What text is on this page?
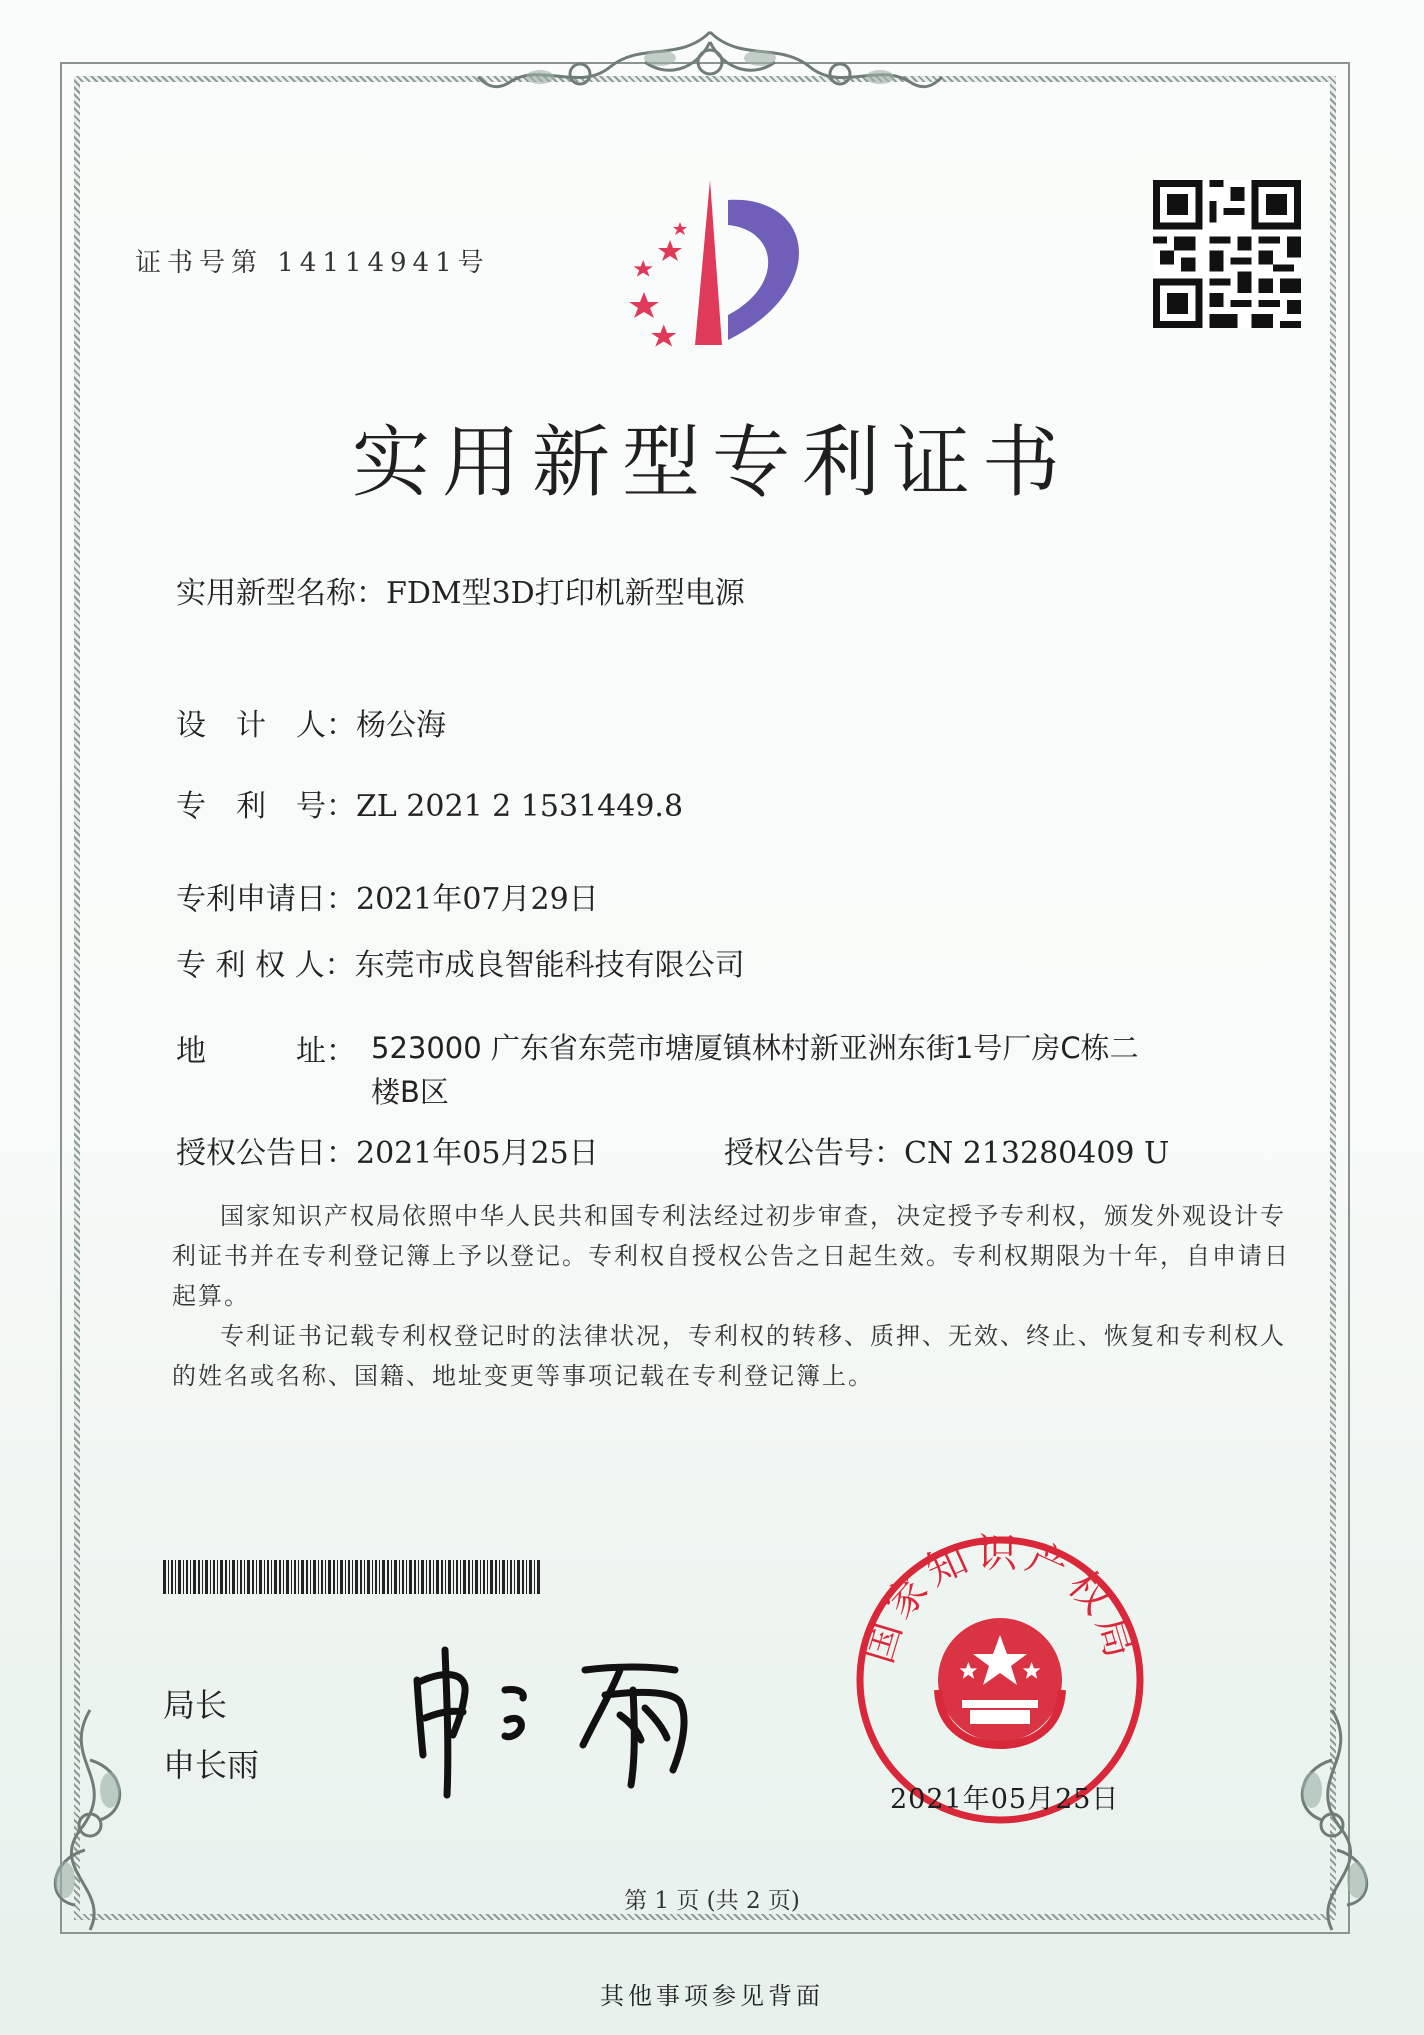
证书号第 14114941号
实用新型专利证书
实用新型名称：FDM型3D打印机新型电源
设　计　人：杨公海
专　利　号：ZL 2021 2 1531449.8
专利申请日：2021年07月29日
专 利 权 人：东莞市成良智能科技有限公司
地　　　址： 523000 广东省东莞市塘厦镇林村新亚洲东街1号厂房C栋二
楼B区
授权公告日：2021年05月25日	授权公告号：CN 213280409 U

国家知识产权局依照中华人民共和国专利法经过初步审查，决定授予专利权，颁发外观设计专利证书并在专利登记簿上予以登记。专利权自授权公告之日起生效。专利权期限为十年，自申请日起算。

专利证书记载专利权登记时的法律状况，专利权的转移、质押、无效、终止、恢复和专利权人的姓名或名称、国籍、地址变更等事项记载在专利登记簿上。

局长
申长雨
国家知识产权局
2021年05月25日
第 1 页 (共 2 页)
其他事项参见背面
